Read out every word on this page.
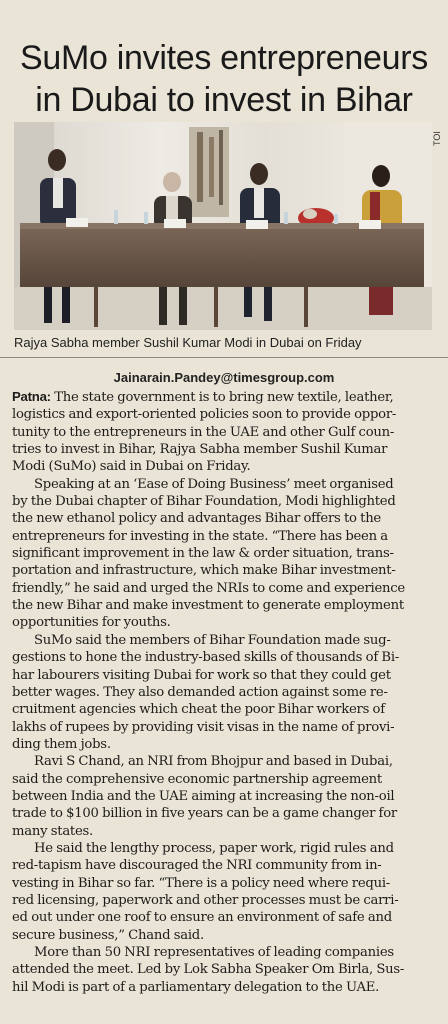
SuMo invites entrepreneurs
in Dubai to invest in Bihar
TOI
Rajya Sabha member Sushil Kumar Modi in Dubai on Friday
Jainarain.Pandey@timesgroup.com
Patna: The state government is to bring new textile, leather,
logistics and export-oriented policies soon to provide oppor-
tunity to the entrepreneurs in the UAE and other Gulf coun-
tries to invest in Bihar, Rajya Sabha member Sushil Kumar
Modi (SuMo) said in Dubai on Friday.
Speaking at an ‘Ease of Doing Business’ meet organised
by the Dubai chapter of Bihar Foundation, Modi highlighted
the new ethanol policy and advantages Bihar offers to the
entrepreneurs for investing in the state. “There has been a
significant improvement in the law & order situation, trans-
portation and infrastructure, which make Bihar investment-
friendly,” he said and urged the NRIs to come and experience
the new Bihar and make investment to generate employment
opportunities for youths.
SuMo said the members of Bihar Foundation made sug-
gestions to hone the industry-based skills of thousands of Bi-
har labourers visiting Dubai for work so that they could get
better wages. They also demanded action against some re-
cruitment agencies which cheat the poor Bihar workers of
lakhs of rupees by providing visit visas in the name of provi-
ding them jobs.
Ravi S Chand, an NRI from Bhojpur and based in Dubai,
said the comprehensive economic partnership agreement
between India and the UAE aiming at increasing the non-oil
trade to $100 billion in five years can be a game changer for
many states.
He said the lengthy process, paper work, rigid rules and
red-tapism have discouraged the NRI community from in-
vesting in Bihar so far. “There is a policy need where requi-
red licensing, paperwork and other processes must be carri-
ed out under one roof to ensure an environment of safe and
secure business,” Chand said.
More than 50 NRI representatives of leading companies
attended the meet. Led by Lok Sabha Speaker Om Birla, Sus-
hil Modi is part of a parliamentary delegation to the UAE.
